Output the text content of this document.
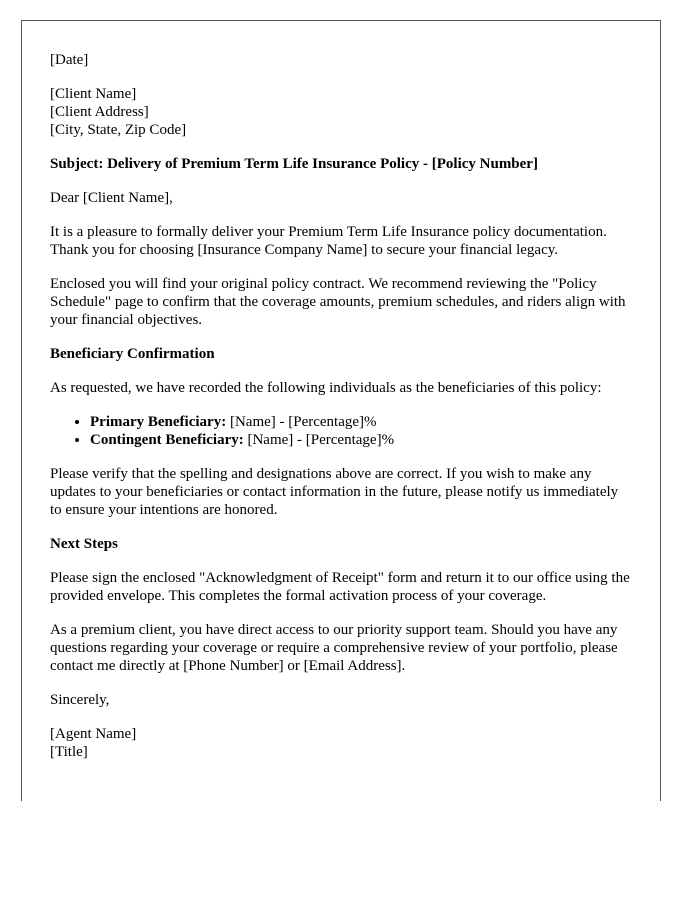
[Date]

[Client Name]
[Client Address]
[City, State, Zip Code]

Subject: Delivery of Premium Term Life Insurance Policy - [Policy Number]

Dear [Client Name],

It is a pleasure to formally deliver your Premium Term Life Insurance policy documentation. Thank you for choosing [Insurance Company Name] to secure your financial legacy.

Enclosed you will find your original policy contract. We recommend reviewing the "Policy Schedule" page to confirm that the coverage amounts, premium schedules, and riders align with your financial objectives.

Beneficiary Confirmation

As requested, we have recorded the following individuals as the beneficiaries of this policy:

• Primary Beneficiary: [Name] - [Percentage]%
• Contingent Beneficiary: [Name] - [Percentage]%

Please verify that the spelling and designations above are correct. If you wish to make any updates to your beneficiaries or contact information in the future, please notify us immediately to ensure your intentions are honored.

Next Steps

Please sign the enclosed "Acknowledgment of Receipt" form and return it to our office using the provided envelope. This completes the formal activation process of your coverage.

As a premium client, you have direct access to our priority support team. Should you have any questions regarding your coverage or require a comprehensive review of your portfolio, please contact me directly at [Phone Number] or [Email Address].

Sincerely,

[Agent Name]
[Title]
